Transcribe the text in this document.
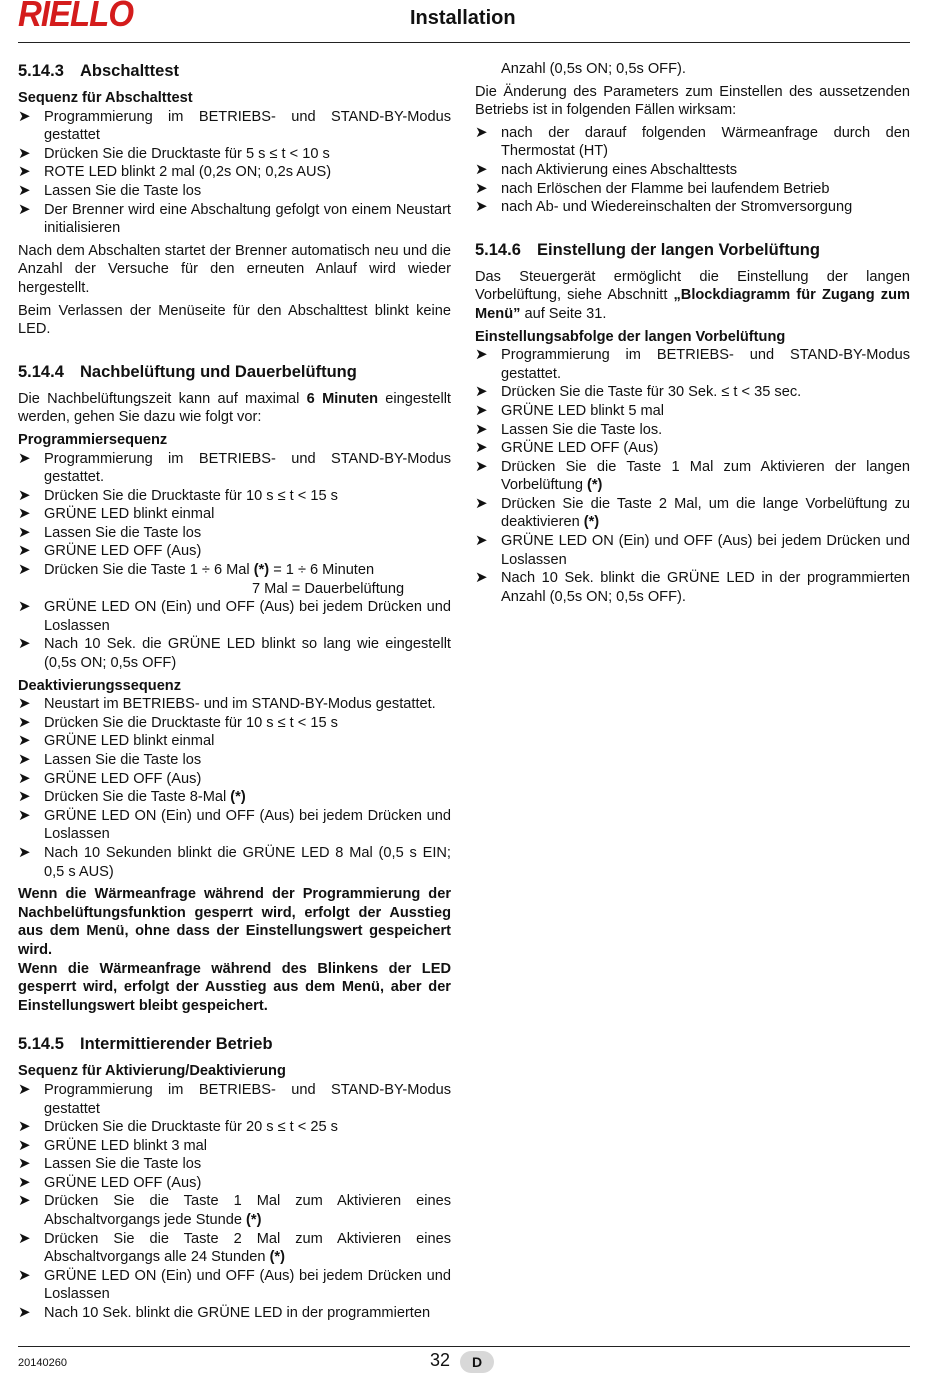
RIELLO	Installation
5.14.3 Abschalttest
Sequenz für Abschalttest
➤ Programmierung im BETRIEBS- und STAND-BY-Modus gestattet
➤ Drücken Sie die Drucktaste für 5 s ≤ t < 10 s
➤ ROTE LED blinkt 2 mal (0,2s ON; 0,2s AUS)
➤ Lassen Sie die Taste los
➤ Der Brenner wird eine Abschaltung gefolgt von einem Neustart initialisieren

Nach dem Abschalten startet der Brenner automatisch neu und die Anzahl der Versuche für den erneuten Anlauf wird wieder hergestellt.

Beim Verlassen der Menüseite für den Abschalttest blinkt keine LED.

5.14.4 Nachbelüftung und Dauerbelüftung

Die Nachbelüftungszeit kann auf maximal 6 Minuten eingestellt werden, gehen Sie dazu wie folgt vor:

Programmiersequenz
➤ Programmierung im BETRIEBS- und STAND-BY-Modus gestattet.
➤ Drücken Sie die Drucktaste für 10 s ≤ t < 15 s
➤ GRÜNE LED blinkt einmal
➤ Lassen Sie die Taste los
➤ GRÜNE LED OFF (Aus)
➤ Drücken Sie die Taste 1 ÷ 6 Mal (*) = 1 ÷ 6 Minuten
7 Mal = Dauerbelüftung
➤ GRÜNE LED ON (Ein) und OFF (Aus) bei jedem Drücken und Loslassen
➤ Nach 10 Sek. die GRÜNE LED blinkt so lang wie eingestellt (0,5s ON; 0,5s OFF)
Deaktivierungssequenz
➤ Neustart im BETRIEBS- und im STAND-BY-Modus gestattet.
➤ Drücken Sie die Drucktaste für 10 s ≤ t < 15 s
➤ GRÜNE LED blinkt einmal
➤ Lassen Sie die Taste los
➤ GRÜNE LED OFF (Aus)
➤ Drücken Sie die Taste 8-Mal (*)
➤ GRÜNE LED ON (Ein) und OFF (Aus) bei jedem Drücken und Loslassen
➤ Nach 10 Sekunden blinkt die GRÜNE LED 8 Mal (0,5 s EIN; 0,5 s AUS)

Wenn die Wärmeanfrage während der Programmierung der Nachbelüftungsfunktion gesperrt wird, erfolgt der Ausstieg aus dem Menü, ohne dass der Einstellungswert gespeichert wird.

Wenn die Wärmeanfrage während des Blinkens der LED gesperrt wird, erfolgt der Ausstieg aus dem Menü, aber der Einstellungswert bleibt gespeichert.

5.14.5 Intermittierender Betrieb
Sequenz für Aktivierung/Deaktivierung
➤ Programmierung im BETRIEBS- und STAND-BY-Modus gestattet
➤ Drücken Sie die Drucktaste für 20 s ≤ t < 25 s
➤ GRÜNE LED blinkt 3 mal
➤ Lassen Sie die Taste los
➤ GRÜNE LED OFF (Aus)
➤ Drücken Sie die Taste 1 Mal zum Aktivieren eines Abschaltvorgangs jede Stunde (*)
➤ Drücken Sie die Taste 2 Mal zum Aktivieren eines Abschaltvorgangs alle 24 Stunden (*)
➤ GRÜNE LED ON (Ein) und OFF (Aus) bei jedem Drücken und Loslassen
➤ Nach 10 Sek. blinkt die GRÜNE LED in der programmierten

Anzahl (0,5s ON; 0,5s OFF).

Die Änderung des Parameters zum Einstellen des aussetzenden Betriebs ist in folgenden Fällen wirksam:

➤ nach der darauf folgenden Wärmeanfrage durch den Thermostat (HT)
➤ nach Aktivierung eines Abschalttests
➤ nach Erlöschen der Flamme bei laufendem Betrieb
➤ nach Ab- und Wiedereinschalten der Stromversorgung
5.14.6 Einstellung der langen Vorbelüftung

Das Steuergerät ermöglicht die Einstellung der langen Vorbelüftung, siehe Abschnitt „Blockdiagramm für Zugang zum Menü” auf Seite 31.

Einstellungsabfolge der langen Vorbelüftung
➤ Programmierung im BETRIEBS- und STAND-BY-Modus gestattet.
➤ Drücken Sie die Taste für 30 Sek. ≤ t < 35 sec.
➤ GRÜNE LED blinkt 5 mal
➤ Lassen Sie die Taste los.
➤ GRÜNE LED OFF (Aus)
➤ Drücken Sie die Taste 1 Mal zum Aktivieren der langen Vorbelüftung (*)
➤ Drücken Sie die Taste 2 Mal, um die lange Vorbelüftung zu deaktivieren (*)
➤ GRÜNE LED ON (Ein) und OFF (Aus) bei jedem Drücken und Loslassen
➤ Nach 10 Sek. blinkt die GRÜNE LED in der programmierten Anzahl (0,5s ON; 0,5s OFF).
20140260	32	D
